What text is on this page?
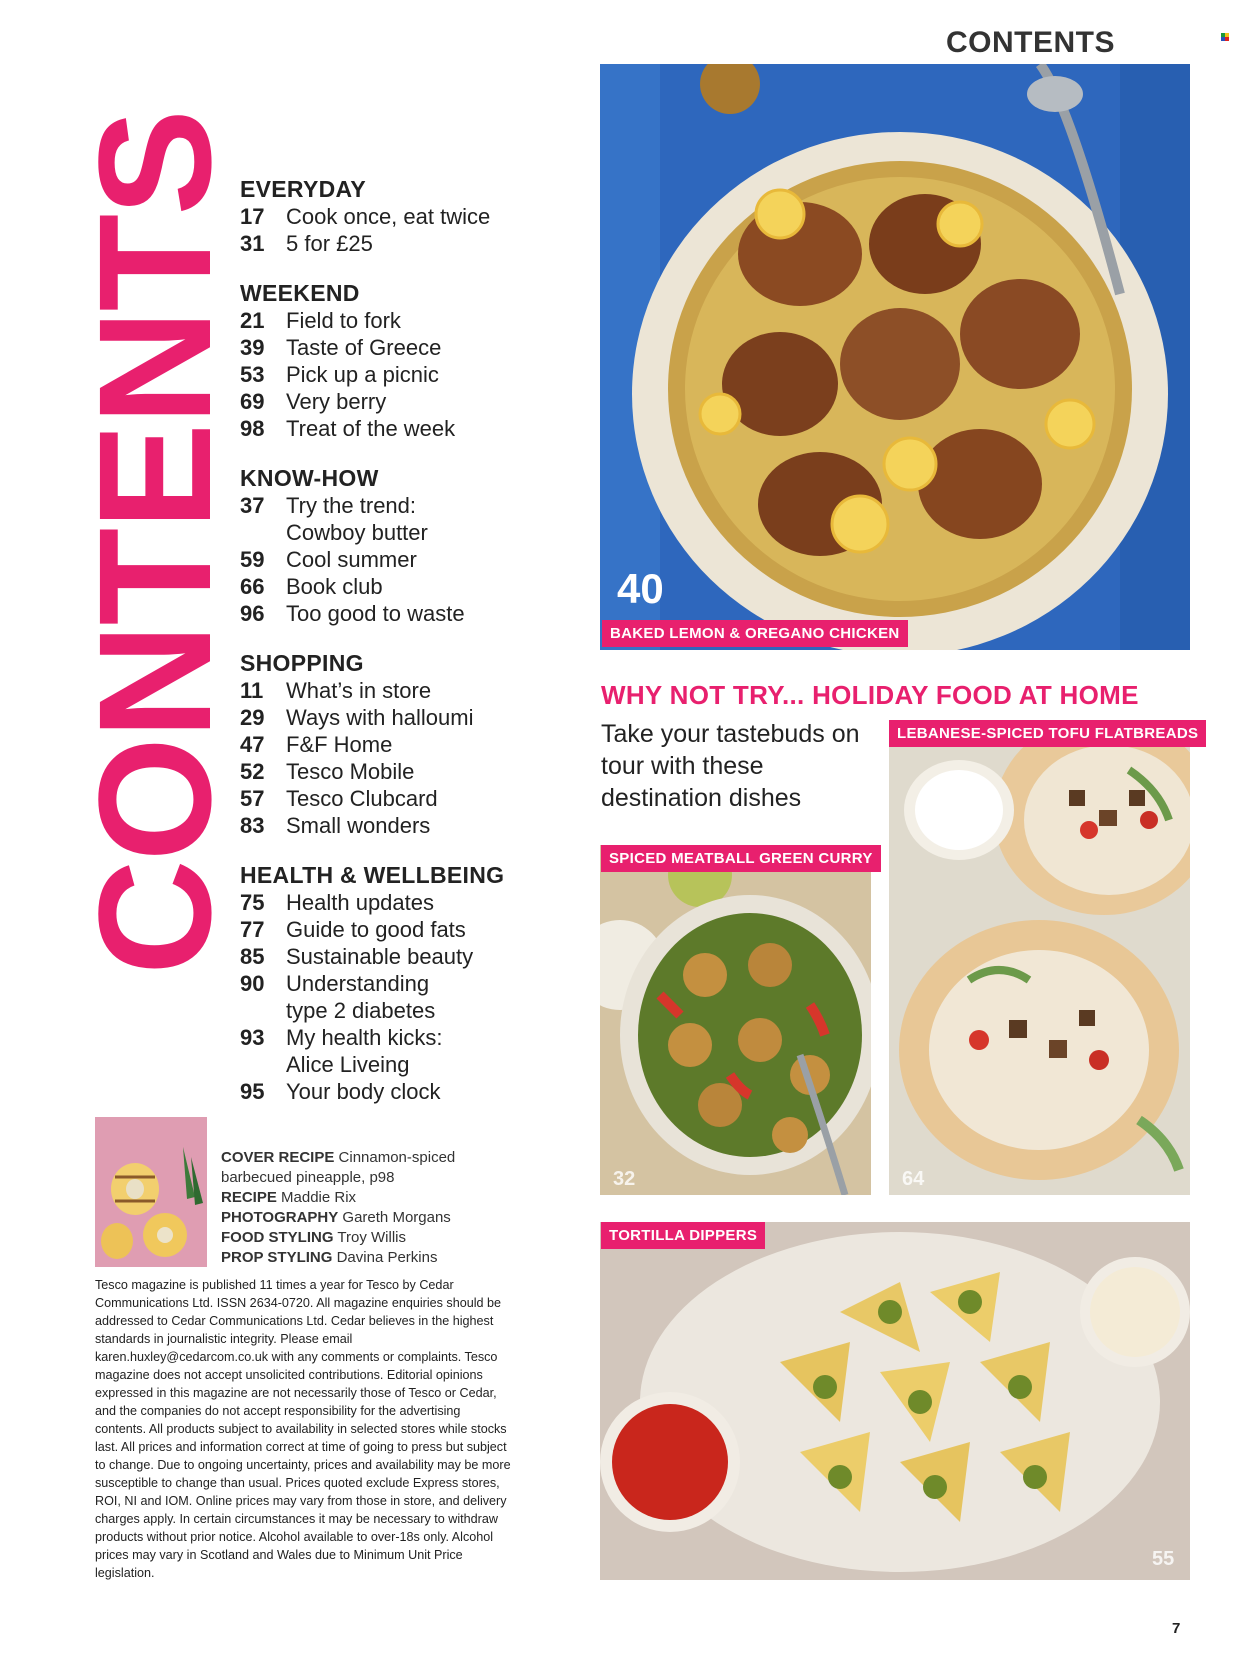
CONTENTS
CONTENTS
EVERYDAY
17 Cook once, eat twice
31 5 for £25
WEEKEND
21 Field to fork
39 Taste of Greece
53 Pick up a picnic
69 Very berry
98 Treat of the week
KNOW-HOW
37 Try the trend:
Cowboy butter
59 Cool summer
66 Book club
96 Too good to waste
SHOPPING
11	What’s in store
29 Ways with halloumi
47 F&F Home
52 Tesco Mobile
57 Tesco Clubcard
83 Small wonders
HEALTH & WELLBEING
75 Health updates
77 Guide to good fats
85 Sustainable beauty
90 Understanding
type 2 diabetes
93 My health kicks:
Alice Liveing
95 Your body clock
COVER RECIPE Cinnamon-spiced barbecued pineapple, p98
RECIPE Maddie Rix
PHOTOGRAPHY Gareth Morgans
FOOD STYLING Troy Willis
PROP STYLING Davina Perkins
Tesco magazine is published 11 times a year for Tesco by Cedar Communications Ltd. ISSN 2634-0720. All magazine enquiries should be addressed to Cedar Communications Ltd. Cedar believes in the highest standards in journalistic integrity. Please email karen.huxley@cedarcom.co.uk with any comments or complaints. Tesco magazine does not accept unsolicited contributions. Editorial opinions expressed in this magazine are not necessarily those of Tesco or Cedar, and the companies do not accept responsibility for the advertising contents. All products subject to availability in selected stores while stocks last. All prices and information correct at time of going to press but subject to change. Due to ongoing uncertainty, prices and availability may be more susceptible to change than usual. Prices quoted exclude Express stores, ROI, NI and IOM. Online prices may vary from those in store, and delivery charges apply. In certain circumstances it may be necessary to withdraw products without prior notice. Alcohol available to over-18s only. Alcohol prices may vary in Scotland and Wales due to Minimum Unit Price legislation.
40
BAKED LEMON & OREGANO CHICKEN
WHY NOT TRY... HOLIDAY FOOD AT HOME
Take your tastebuds on tour with these destination dishes
LEBANESE-SPICED TOFU FLATBREADS
64
SPICED MEATBALL GREEN CURRY
32
TORTILLA DIPPERS
55
7
